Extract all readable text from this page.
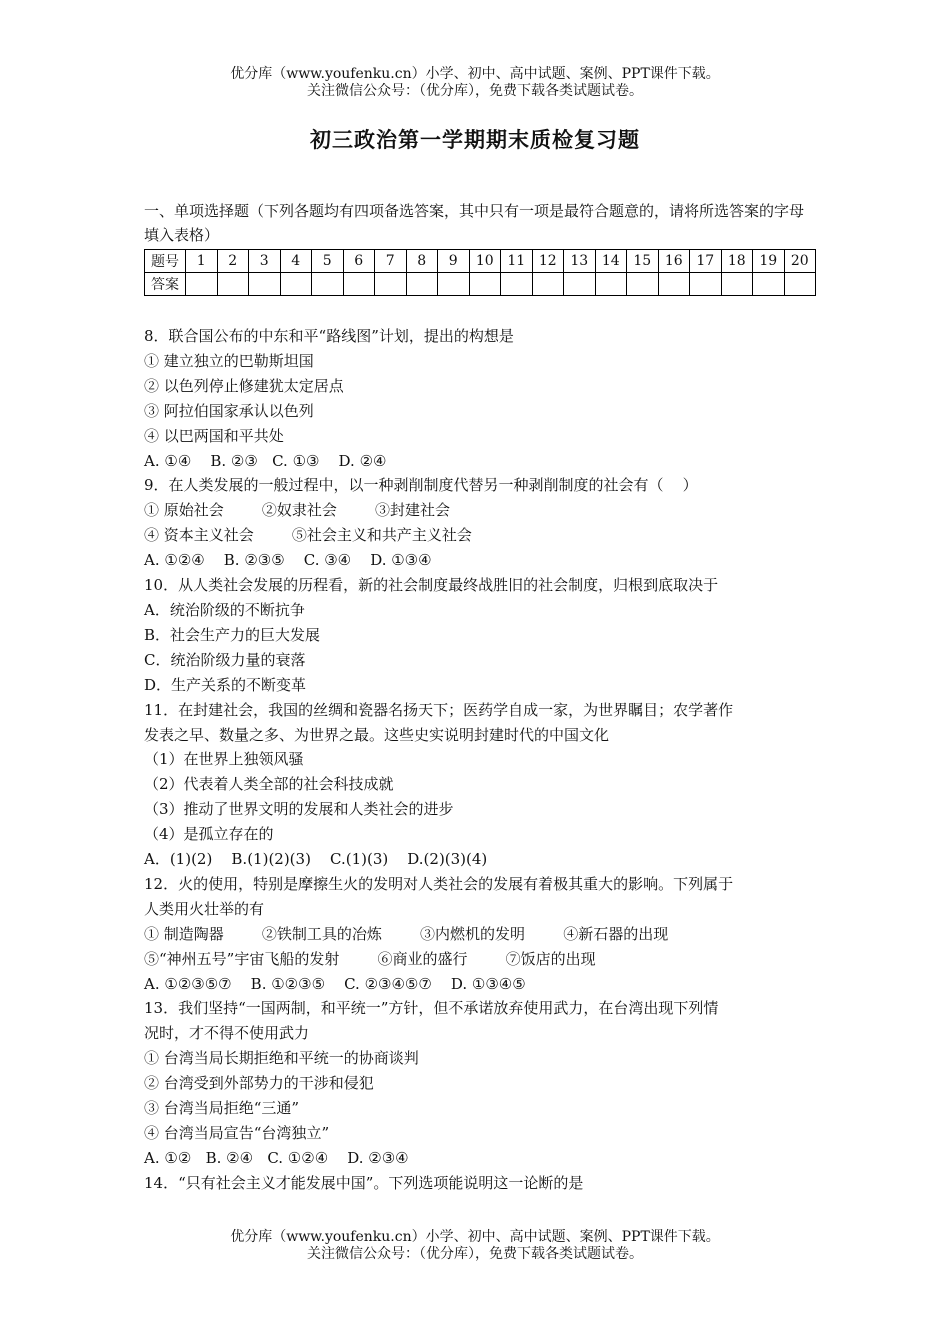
优分库（www.youfenku.cn）小学、初中、高中试题、案例、PPT课件下载。
关注微信公众号：（优分库），免费下载各类试题试卷。
初三政治第一学期期末质检复习题

一、单项选择题（下列各题均有四项备选答案，其中只有一项是最符合题意的，请将所选答案的字母填入表格）

题号	1	2	3	4	5	6	7	8	9	10	11	12	13	14	15	16	17	18	19	20
答案																				
8．联合国公布的中东和平“路线图”计划，提出的构想是
① 建立独立的巴勒斯坦国
② 以色列停止修建犹太定居点
③ 阿拉伯国家承认以色列
④ 以巴两国和平共处
A. ①④    B. ②③   C. ①③    D. ②④
9．在人类发展的一般过程中，以一种剥削制度代替另一种剥削制度的社会有（    ）
① 原始社会        ②奴隶社会        ③封建社会
④ 资本主义社会        ⑤社会主义和共产主义社会
A. ①②④    B. ②③⑤    C. ③④    D. ①③④
10．从人类社会发展的历程看，新的社会制度最终战胜旧的社会制度，归根到底取决于
A．统治阶级的不断抗争
B．社会生产力的巨大发展
C．统治阶级力量的衰落
D．生产关系的不断变革
11．在封建社会，我国的丝绸和瓷器名扬天下；医药学自成一家，为世界瞩目；农学著作
发表之早、数量之多、为世界之最。这些史实说明封建时代的中国文化
（1）在世界上独领风骚
（2）代表着人类全部的社会科技成就
（3）推动了世界文明的发展和人类社会的进步
（4）是孤立存在的
A．(1)(2)    B.(1)(2)(3)    C.(1)(3)    D.(2)(3)(4)
12．火的使用，特别是摩擦生火的发明对人类社会的发展有着极其重大的影响。下列属于
人类用火壮举的有
① 制造陶器        ②铁制工具的冶炼        ③内燃机的发明        ④新石器的出现
⑤“神州五号”宇宙飞船的发射        ⑥商业的盛行        ⑦饭店的出现
A. ①②③⑤⑦    B. ①②③⑤    C. ②③④⑤⑦    D. ①③④⑤
13．我们坚持“一国两制，和平统一”方针，但不承诺放弃使用武力，在台湾出现下列情
况时，才不得不使用武力
① 台湾当局长期拒绝和平统一的协商谈判
② 台湾受到外部势力的干涉和侵犯
③ 台湾当局拒绝“三通”
④ 台湾当局宣告“台湾独立”
A. ①②   B. ②④   C. ①②④    D. ②③④
14．“只有社会主义才能发展中国”。下列选项能说明这一论断的是
优分库（www.youfenku.cn）小学、初中、高中试题、案例、PPT课件下载。
关注微信公众号：（优分库），免费下载各类试题试卷。
